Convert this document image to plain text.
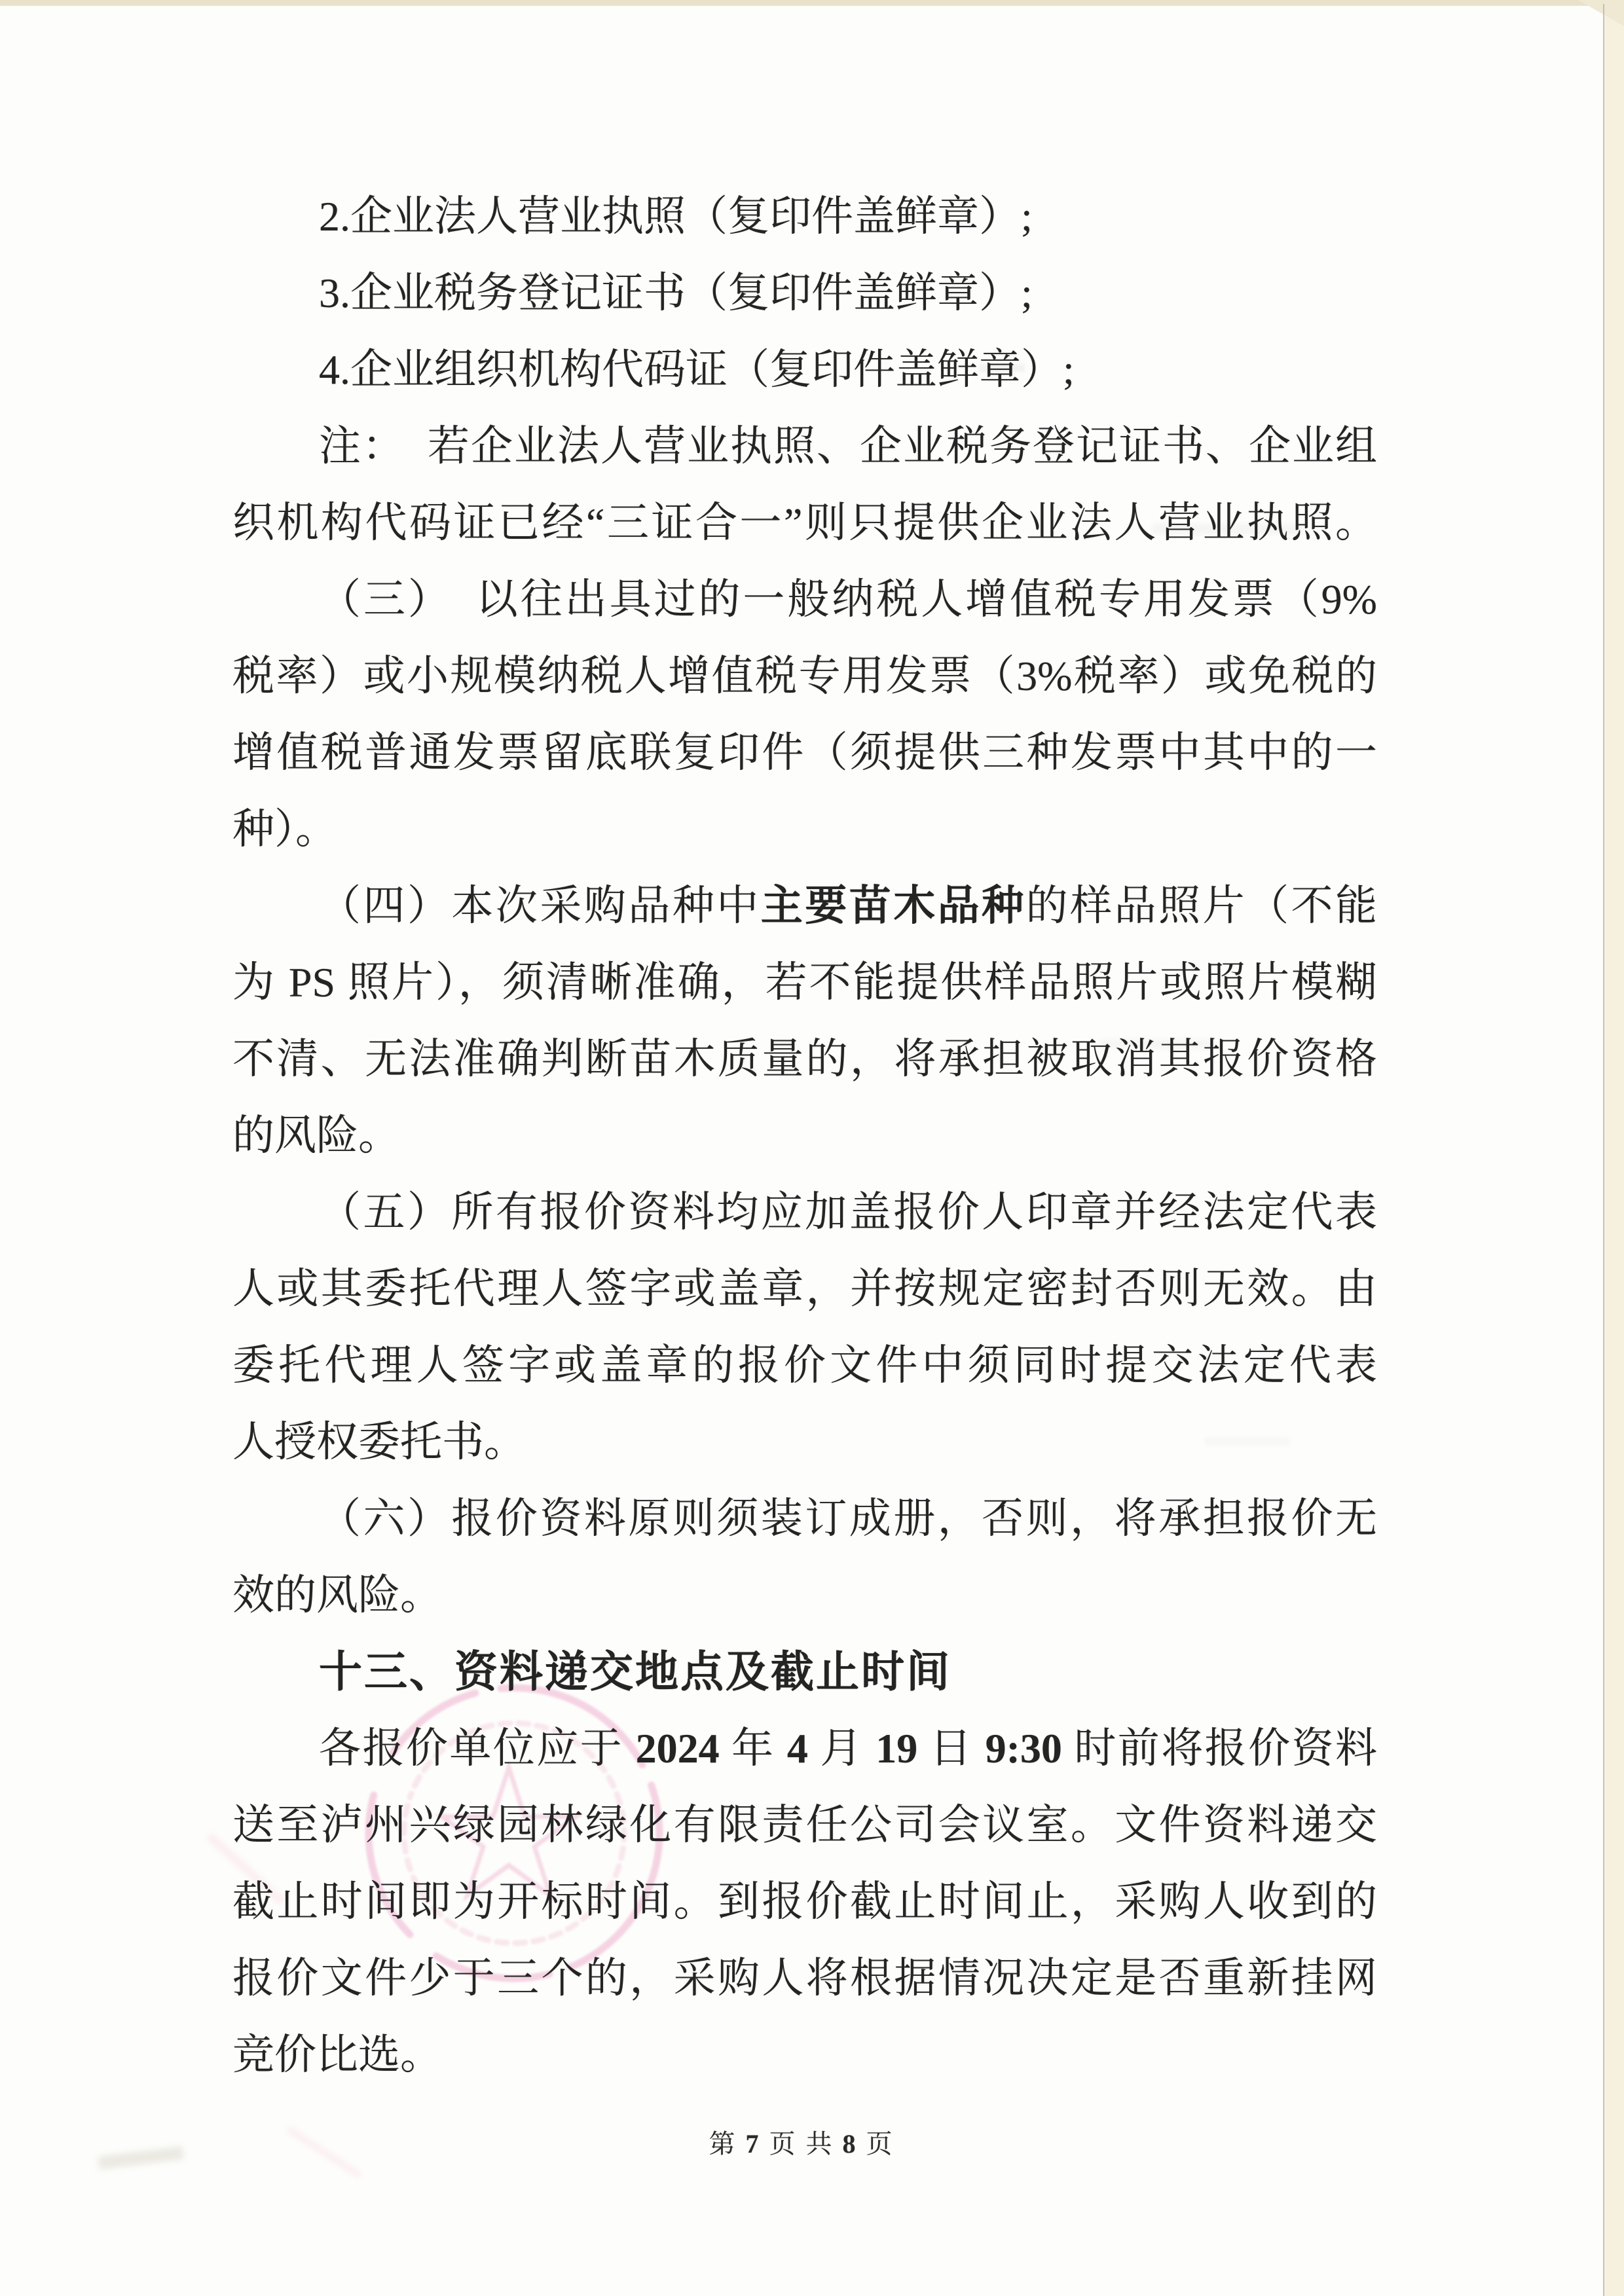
2.企业法人营业执照（复印件盖鲜章）;
3.企业税务登记证书（复印件盖鲜章）;
4.企业组织机构代码证（复印件盖鲜章）;
注：　若企业法人营业执照、企业税务登记证书、企业组
织机构代码证已经“三证合一”则只提供企业法人营业执照。
（三）　以往出具过的一般纳税人增值税专用发票（9%
税率）或小规模纳税人增值税专用发票（3%税率）或免税的
增值税普通发票留底联复印件（须提供三种发票中其中的一
种）。
（四）本次采购品种中主要苗木品种的样品照片（不能
为 PS 照片），须清晰准确，若不能提供样品照片或照片模糊
不清、无法准确判断苗木质量的，将承担被取消其报价资格
的风险。
（五）所有报价资料均应加盖报价人印章并经法定代表
人或其委托代理人签字或盖章，并按规定密封否则无效。由
委托代理人签字或盖章的报价文件中须同时提交法定代表
人授权委托书。
（六）报价资料原则须装订成册，否则，将承担报价无
效的风险。
十三、资料递交地点及截止时间
各报价单位应于 2024 年 4 月 19 日 9:30 时前将报价资料
送至泸州兴绿园林绿化有限责任公司会议室。文件资料递交
截止时间即为开标时间。到报价截止时间止，采购人收到的
报价文件少于三个的，采购人将根据情况决定是否重新挂网
竞价比选。
第 7 页 共 8 页
